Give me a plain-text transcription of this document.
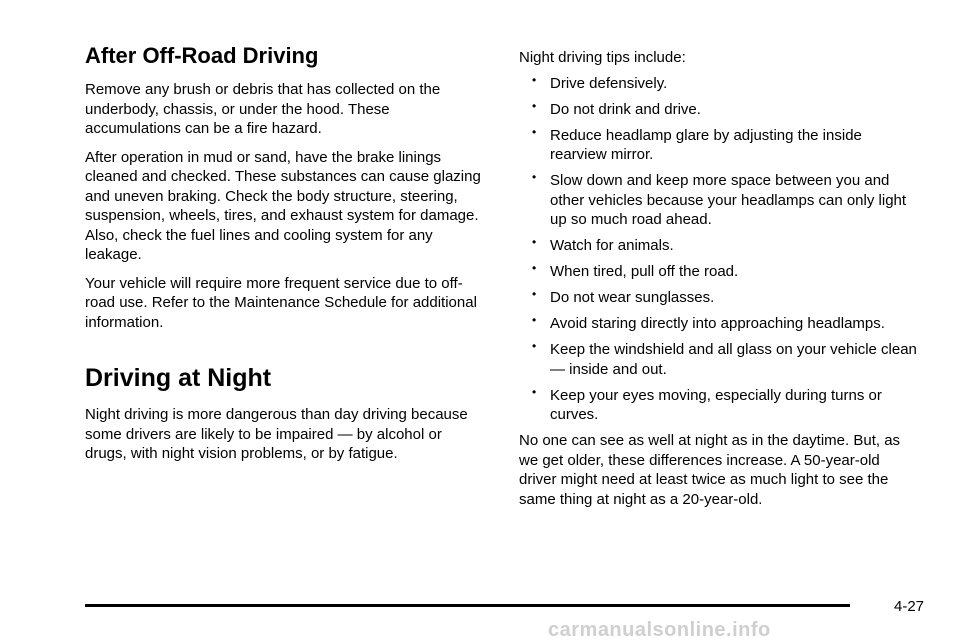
After Off-Road Driving

Remove any brush or debris that has collected on the underbody, chassis, or under the hood. These accumulations can be a fire hazard.

After operation in mud or sand, have the brake linings cleaned and checked. These substances can cause glazing and uneven braking. Check the body structure, steering, suspension, wheels, tires, and exhaust system for damage. Also, check the fuel lines and cooling system for any leakage.

Your vehicle will require more frequent service due to off-road use. Refer to the Maintenance Schedule for additional information.

Driving at Night

Night driving is more dangerous than day driving because some drivers are likely to be impaired — by alcohol or drugs, with night vision problems, or by fatigue.

Night driving tips include:

• Drive defensively.
• Do not drink and drive.
• Reduce headlamp glare by adjusting the inside rearview mirror.
• Slow down and keep more space between you and other vehicles because your headlamps can only light up so much road ahead.
• Watch for animals.
• When tired, pull off the road.
• Do not wear sunglasses.
• Avoid staring directly into approaching headlamps.
• Keep the windshield and all glass on your vehicle clean — inside and out.
• Keep your eyes moving, especially during turns or curves.

No one can see as well at night as in the daytime. But, as we get older, these differences increase. A 50-year-old driver might need at least twice as much light to see the same thing at night as a 20-year-old.

4-27
carmanualsonline.info
